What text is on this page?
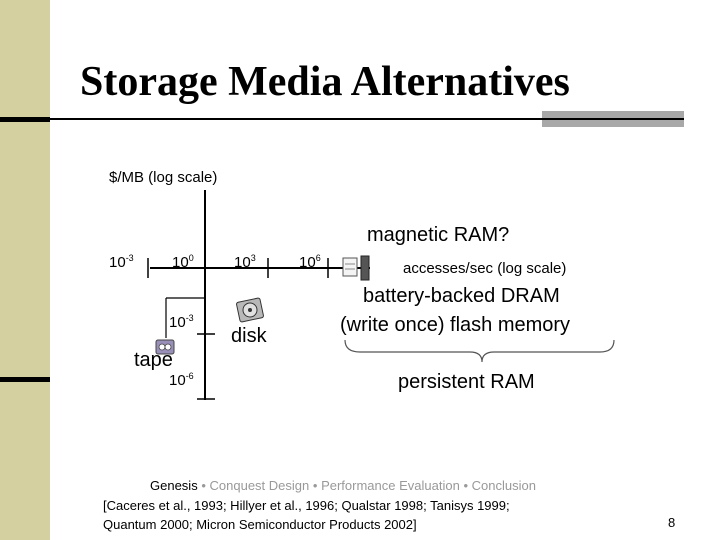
Storage Media Alternatives
$/MB (log scale)
accesses/sec (log scale)
$10^0$	$10^3$	$10^6$
$10^{-3}$
$10^{-3}$
$10^{-6}$
tape
disk
magnetic RAM?
battery-backed DRAM
(write once) flash memory
persistent RAM
Genesis • Conquest Design • Performance Evaluation • Conclusion
[Caceres et al., 1993; Hillyer et al., 1996; Qualstar 1998; Tanisys 1999;
Quantum 2000; Micron Semiconductor Products 2002]	8
